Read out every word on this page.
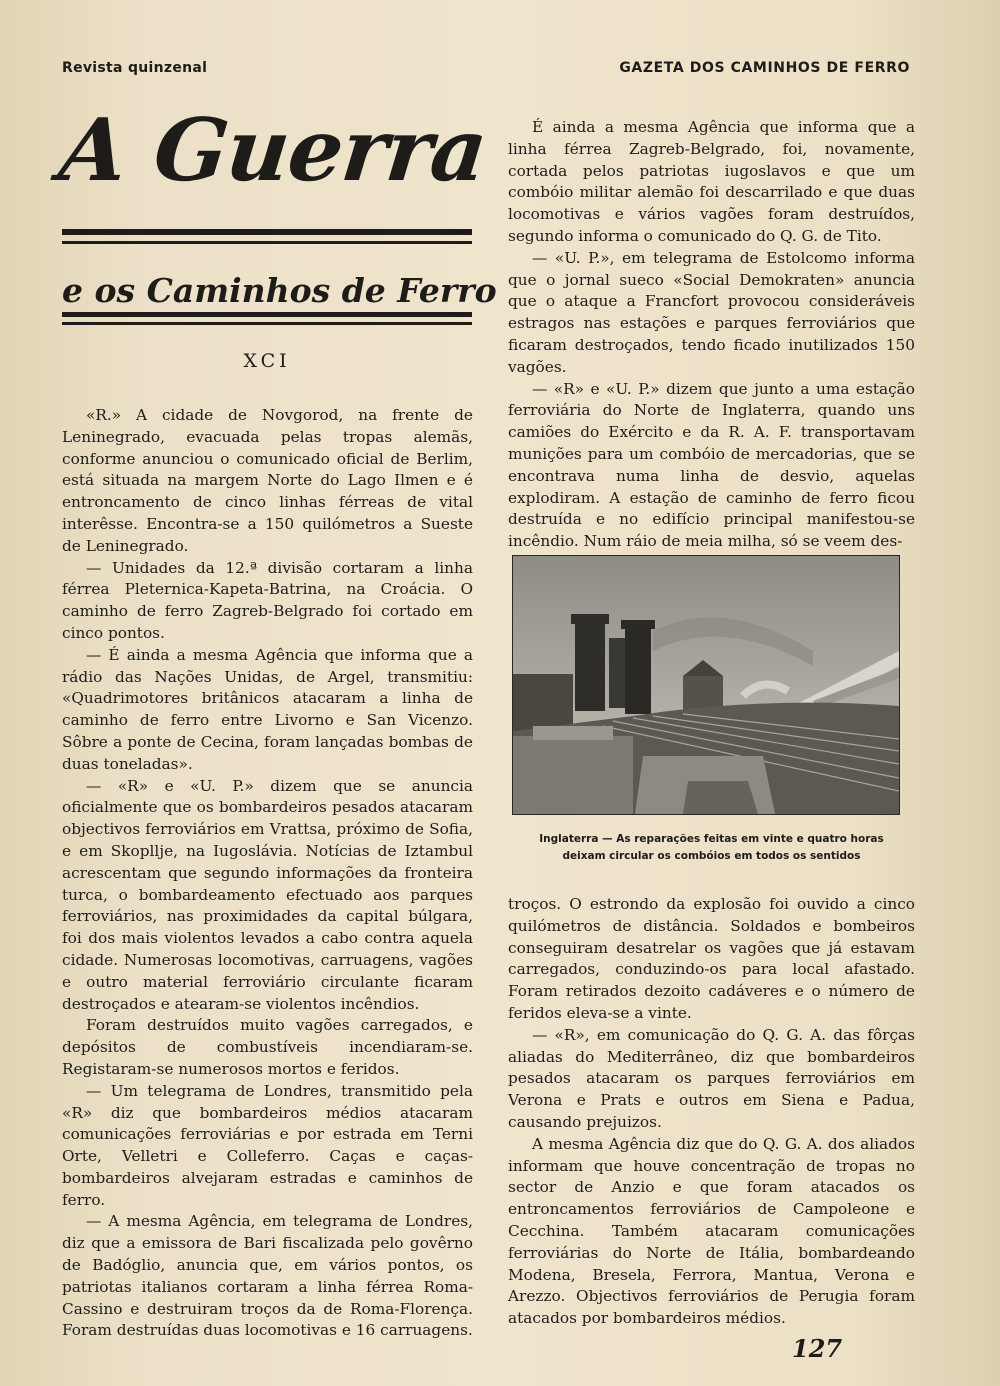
Revista quinzenal	GAZETA DOS CAMINHOS DE FERRO
A Guerra
e os Caminhos de Ferro
XCI

«R.» A cidade de Novgorod, na frente de Leninegrado, evacuada pelas tropas alemãs, conforme anunciou o comunicado oficial de Berlim, está situada na margem Norte do Lago Ilmen e é entroncamento de cinco linhas férreas de vital interêsse. Encontra-se a 150 quilómetros a Sueste de Leninegrado.

— Unidades da 12.ª divisão cortaram a linha férrea Pleternica-Kapeta-Batrina, na Croácia. O caminho de ferro Zagreb-Belgrado foi cortado em cinco pontos.

— É ainda a mesma Agência que informa que a rádio das Nações Unidas, de Argel, transmitiu: «Quadrimotores britânicos atacaram a linha de caminho de ferro entre Livorno e San Vicenzo. Sôbre a ponte de Cecina, foram lançadas bombas de duas toneladas».

— «R» e «U. P.» dizem que se anuncia oficialmente que os bombardeiros pesados atacaram objectivos ferroviários em Vrattsa, próximo de Sofia, e em Skopllje, na Iugoslávia. Notícias de Iztambul acrescentam que segundo informações da fronteira turca, o bombardeamento efectuado aos parques ferroviários, nas proximidades da capital búlgara, foi dos mais violentos levados a cabo contra aquela cidade. Numerosas locomotivas, carruagens, vagões e outro material ferroviário circulante ficaram destroçados e atearam-se violentos incêndios.

Foram destruídos muito vagões carregados, e depósitos de combustíveis incendiaram-se. Registaram-se numerosos mortos e feridos.

— Um telegrama de Londres, transmitido pela «R» diz que bombardeiros médios atacaram comunicações ferroviárias e por estrada em Terni Orte, Velletri e Colleferro. Caças e caças-bombardeiros alvejaram estradas e caminhos de ferro.

— A mesma Agência, em telegrama de Londres, diz que a emissora de Bari fiscalizada pelo govêrno de Badóglio, anuncia que, em vários pontos, os patriotas italianos cortaram a linha férrea Roma-Cassino e destruiram troços da de Roma-Florença. Foram destruídas duas locomotivas e 16 carruagens.

É ainda a mesma Agência que informa que a linha férrea Zagreb-Belgrado, foi, novamente, cortada pelos patriotas iugoslavos e que um combóio militar alemão foi descarrilado e que duas locomotivas e vários vagões foram destruídos, segundo informa o comunicado do Q. G. de Tito.

— «U. P.», em telegrama de Estolcomo informa que o jornal sueco «Social Demokraten» anuncia que o ataque a Francfort provocou consideráveis estragos nas estações e parques ferroviários que ficaram destroçados, tendo ficado inutilizados 150 vagões.

— «R» e «U. P.» dizem que junto a uma estação ferroviária do Norte de Inglaterra, quando uns camiões do Exército e da R. A. F. transportavam munições para um combóio de mercadorias, que se encontrava numa linha de desvio, aquelas explodiram. A estação de caminho de ferro ficou destruída e no edifício principal manifestou-se incêndio. Num ráio de meia milha, só se veem des-

Inglaterra — As reparações feitas em vinte e quatro horas
deixam circular os combóios em todos os sentidos

troços. O estrondo da explosão foi ouvido a cinco quilómetros de distância. Soldados e bombeiros conseguiram desatrelar os vagões que já estavam carregados, conduzindo-os para local afastado. Foram retirados dezoito cadáveres e o número de feridos eleva-se a vinte.

— «R», em comunicação do Q. G. A. das fôrças aliadas do Mediterrâneo, diz que bombardeiros pesados atacaram os parques ferroviários em Verona e Prats e outros em Siena e Padua, causando prejuizos.

A mesma Agência diz que do Q. G. A. dos aliados informam que houve concentração de tropas no sector de Anzio e que foram atacados os entroncamentos ferroviários de Campoleone e Cecchina. Também atacaram comunicações ferroviárias do Norte de Itália, bombardeando Modena, Bresela, Ferrora, Mantua, Verona e Arezzo. Objectivos ferroviários de Perugia foram atacados por bombardeiros médios.

127
